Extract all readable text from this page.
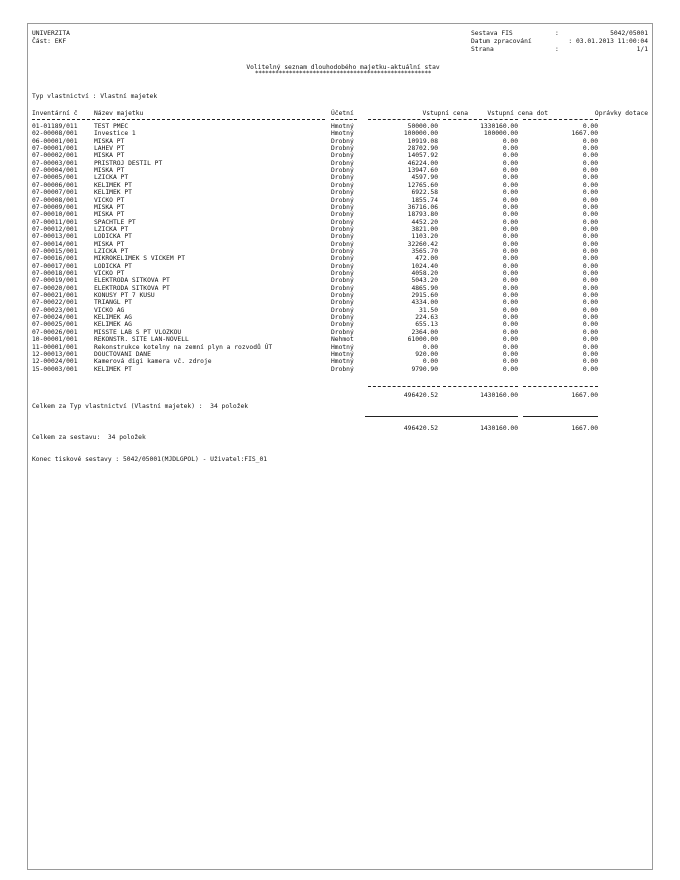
UNIVERZITA
Část: EKF
Sestava FIS	:	5042/05001
Datum zpracování	: 03.01.2013 11:00:04
Strana	:	1/1
Volitelný seznam dlouhodobého majetku-aktuální stav
****************************************************
Typ vlastnictví : Vlastní majetek
Inventární č	Název majetku	Účetní	Vstupní cena	Vstupní cena dot	Oprávky dotace
01-01189/011	TEST PMEC	Hmotný	50000.00	1330160.00	0.00
02-00008/001	Investice 1	Hmotný	100000.00	100000.00	1667.00
06-00001/001	MISKA PT	Drobný	10919.08	0.00	0.00
07-00001/001	LAHEV PT	Drobný	28702.90	0.00	0.00
07-00002/001	MISKA PT	Drobný	14057.92	0.00	0.00
07-00003/001	PRISTROJ DESTIL PT	Drobný	46224.00	0.00	0.00
07-00004/001	MISKA PT	Drobný	13947.60	0.00	0.00
07-00005/001	LZICKA PT	Drobný	4597.90	0.00	0.00
07-00006/001	KELIMEK PT	Drobný	12765.60	0.00	0.00
07-00007/001	KELIMEK PT	Drobný	6922.58	0.00	0.00
07-00008/001	VICKO PT	Drobný	1855.74	0.00	0.00
07-00009/001	MISKA PT	Drobný	36716.06	0.00	0.00
07-00010/001	MISKA PT	Drobný	18793.80	0.00	0.00
07-00011/001	SPACHTLE PT	Drobný	4452.20	0.00	0.00
07-00012/001	LZICKA PT	Drobný	3821.00	0.00	0.00
07-00013/001	LODICKA PT	Drobný	1103.20	0.00	0.00
07-00014/001	MISKA PT	Drobný	32260.42	0.00	0.00
07-00015/001	LZICKA PT	Drobný	3565.70	0.00	0.00
07-00016/001	MIKROKELIMEK S VICKEM PT	Drobný	472.00	0.00	0.00
07-00017/001	LODICKA PT	Drobný	1024.40	0.00	0.00
07-00018/001	VICKO PT	Drobný	4058.20	0.00	0.00
07-00019/001	ELEKTRODA SITKOVA PT	Drobný	5043.20	0.00	0.00
07-00020/001	ELEKTRODA SITKOVA PT	Drobný	4865.90	0.00	0.00
07-00021/001	KONUSY PT 7 KUSU	Drobný	2915.60	0.00	0.00
07-00022/001	TRIANGL PT	Drobný	4334.00	0.00	0.00
07-00023/001	VICKO AG	Drobný	31.50	0.00	0.00
07-00024/001	KELIMEK AG	Drobný	224.63	0.00	0.00
07-00025/001	KELIMEK AG	Drobný	655.13	0.00	0.00
07-00026/001	MISSTE LAB S PT VLOZKOU	Drobný	2364.00	0.00	0.00
10-00001/001	REKONSTR. SITE LAN-NOVELL	Nehmot	61000.00	0.00	0.00
11-00001/001	Rekonstrukce kotelny na zemní plyn a rozvodů ÚT	Hmotný	0.00	0.00	0.00
12-00013/001	DOUCTOVANI DANE	Hmotný	920.00	0.00	0.00
12-00024/001	Kamerová digi kamera vč. zdroje	Hmotný	0.00	0.00	0.00
15-00003/001	KELIMEK PT	Drobný	9790.90	0.00	0.00
496420.52	1430160.00	1667.00
Celkem za Typ vlastnictví (Vlastní majetek) :  34 položek
496420.52	1430160.00	1667.00
Celkem za sestavu:  34 položek
Konec tiskové sestavy : 5042/05001(MJDLGPOL) - Uživatel:FIS_01
